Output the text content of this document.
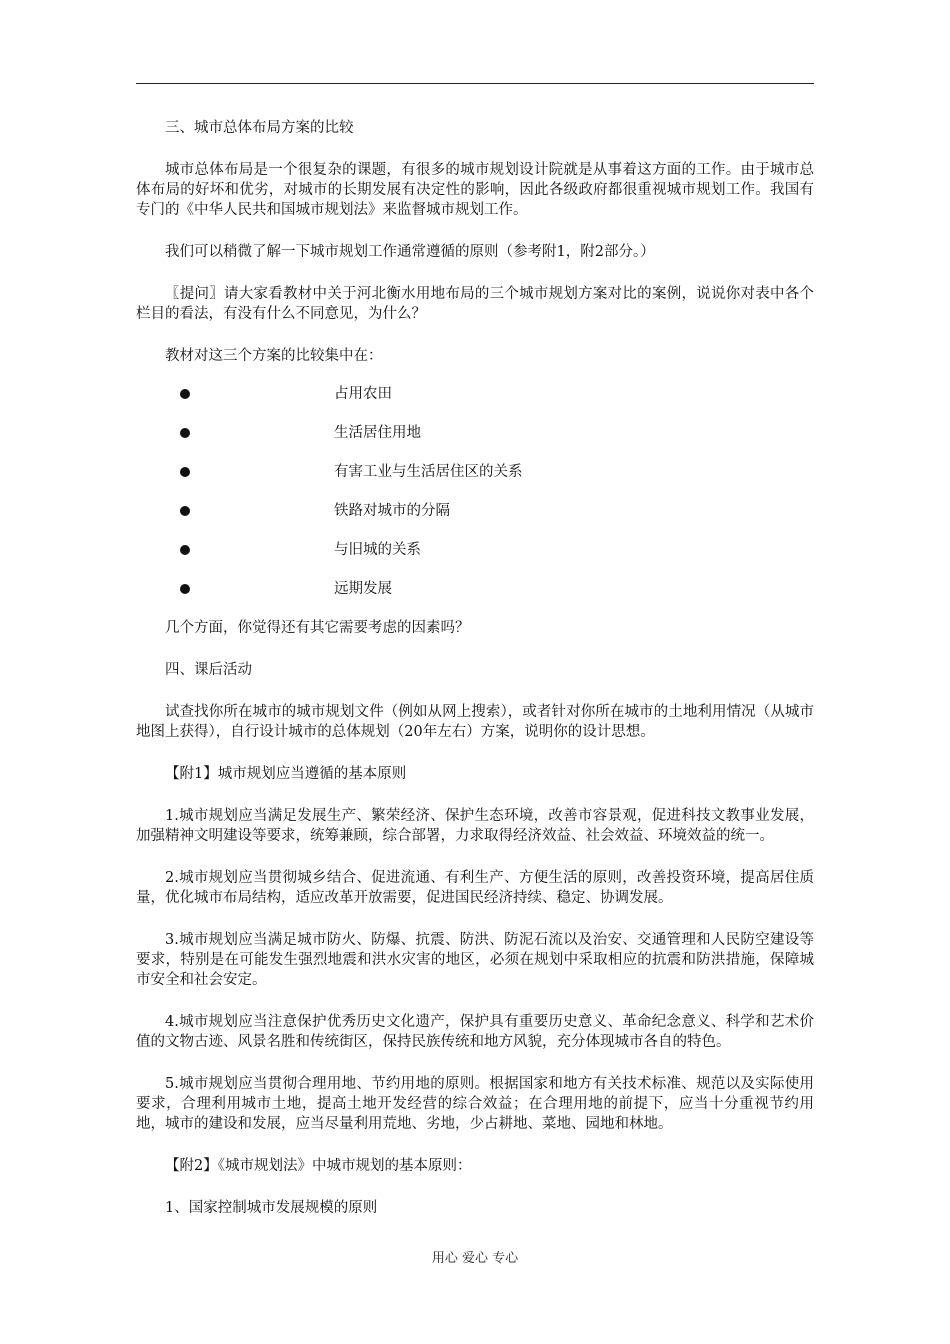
三、城市总体布局方案的比较

城市总体布局是一个很复杂的课题，有很多的城市规划设计院就是从事着这方面的工作。由于城市总体布局的好坏和优劣，对城市的长期发展有决定性的影响，因此各级政府都很重视城市规划工作。我国有专门的《中华人民共和国城市规划法》来监督城市规划工作。

我们可以稍微了解一下城市规划工作通常遵循的原则（参考附1，附2部分。）

〖提问〗请大家看教材中关于河北衡水用地布局的三个城市规划方案对比的案例，说说你对表中各个栏目的看法，有没有什么不同意见，为什么？

教材对这三个方案的比较集中在：

占用农田
生活居住用地
有害工业与生活居住区的关系
铁路对城市的分隔
与旧城的关系
远期发展

几个方面，你觉得还有其它需要考虑的因素吗？

四、课后活动

试查找你所在城市的城市规划文件（例如从网上搜索），或者针对你所在城市的土地利用情况（从城市地图上获得），自行设计城市的总体规划（20年左右）方案，说明你的设计思想。

【附1】城市规划应当遵循的基本原则

1.城市规划应当满足发展生产、繁荣经济、保护生态环境，改善市容景观，促进科技文教事业发展，加强精神文明建设等要求，统筹兼顾，综合部署，力求取得经济效益、社会效益、环境效益的统一。

2.城市规划应当贯彻城乡结合、促进流通、有利生产、方便生活的原则，改善投资环境，提高居住质量，优化城市布局结构，适应改革开放需要，促进国民经济持续、稳定、协调发展。

3.城市规划应当满足城市防火、防爆、抗震、防洪、防泥石流以及治安、交通管理和人民防空建设等要求，特别是在可能发生强烈地震和洪水灾害的地区，必须在规划中采取相应的抗震和防洪措施，保障城市安全和社会安定。

4.城市规划应当注意保护优秀历史文化遗产，保护具有重要历史意义、革命纪念意义、科学和艺术价值的文物古迹、风景名胜和传统街区，保持民族传统和地方风貌，充分体现城市各自的特色。

5.城市规划应当贯彻合理用地、节约用地的原则。根据国家和地方有关技术标准、规范以及实际使用要求，合理利用城市土地，提高土地开发经营的综合效益；在合理用地的前提下，应当十分重视节约用地，城市的建设和发展，应当尽量利用荒地、劣地，少占耕地、菜地、园地和林地。

【附2】《城市规划法》中城市规划的基本原则：

1、国家控制城市发展规模的原则

用心 爱心 专心
